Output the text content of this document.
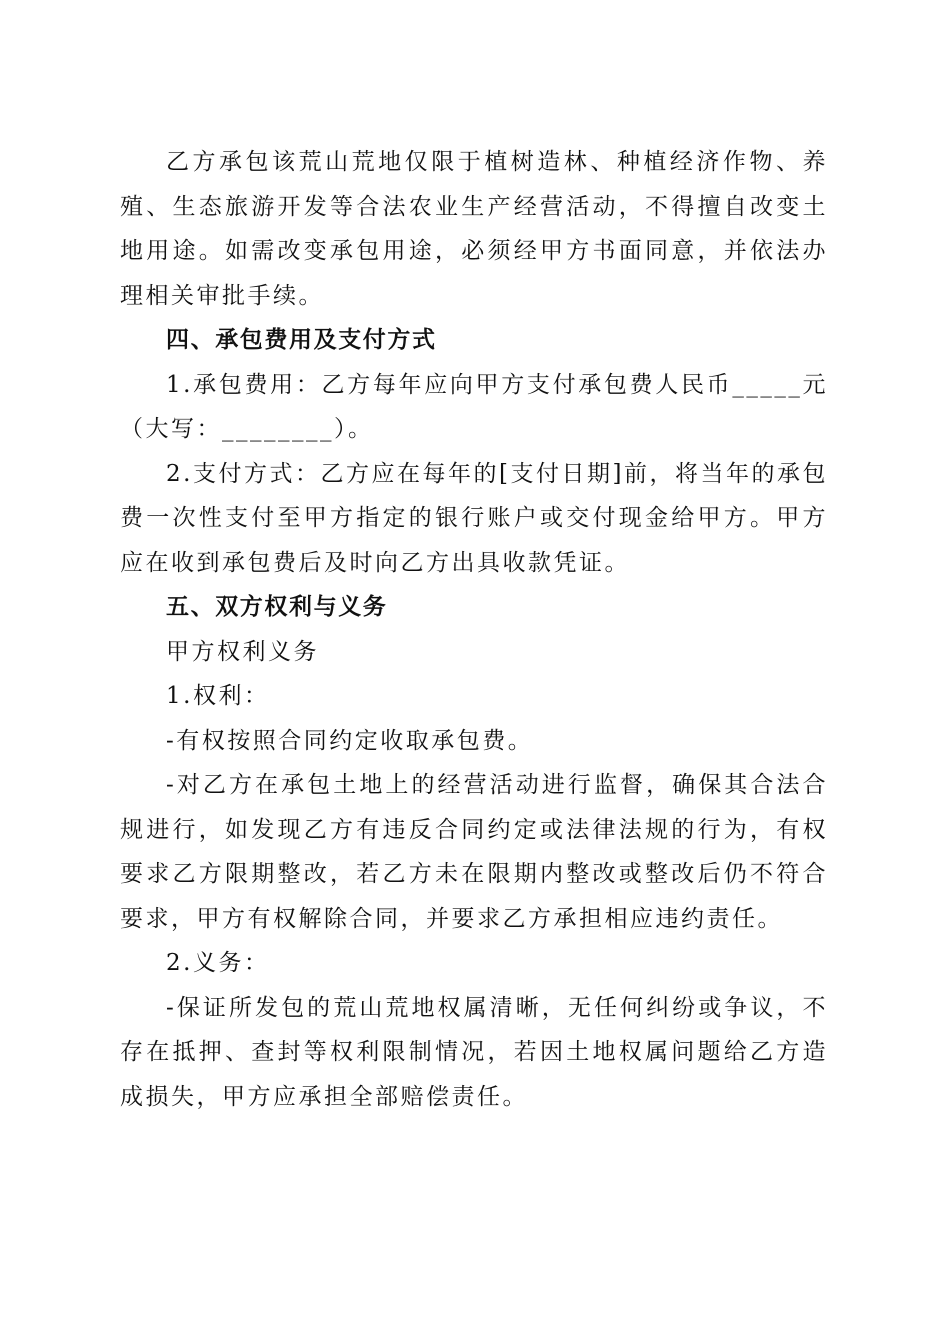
乙方承包该荒山荒地仅限于植树造林、种植经济作物、养殖、生态旅游开发等合法农业生产经营活动，不得擅自改变土地用途。如需改变承包用途，必须经甲方书面同意，并依法办理相关审批手续。

四、承包费用及支付方式

1.承包费用：乙方每年应向甲方支付承包费人民币_____元（大写：________）。

2.支付方式：乙方应在每年的[支付日期]前，将当年的承包费一次性支付至甲方指定的银行账户或交付现金给甲方。甲方应在收到承包费后及时向乙方出具收款凭证。

五、双方权利与义务

甲方权利义务

1.权利：

-有权按照合同约定收取承包费。

-对乙方在承包土地上的经营活动进行监督，确保其合法合规进行，如发现乙方有违反合同约定或法律法规的行为，有权要求乙方限期整改，若乙方未在限期内整改或整改后仍不符合要求，甲方有权解除合同，并要求乙方承担相应违约责任。

2.义务：

-保证所发包的荒山荒地权属清晰，无任何纠纷或争议，不存在抵押、查封等权利限制情况，若因土地权属问题给乙方造成损失，甲方应承担全部赔偿责任。
